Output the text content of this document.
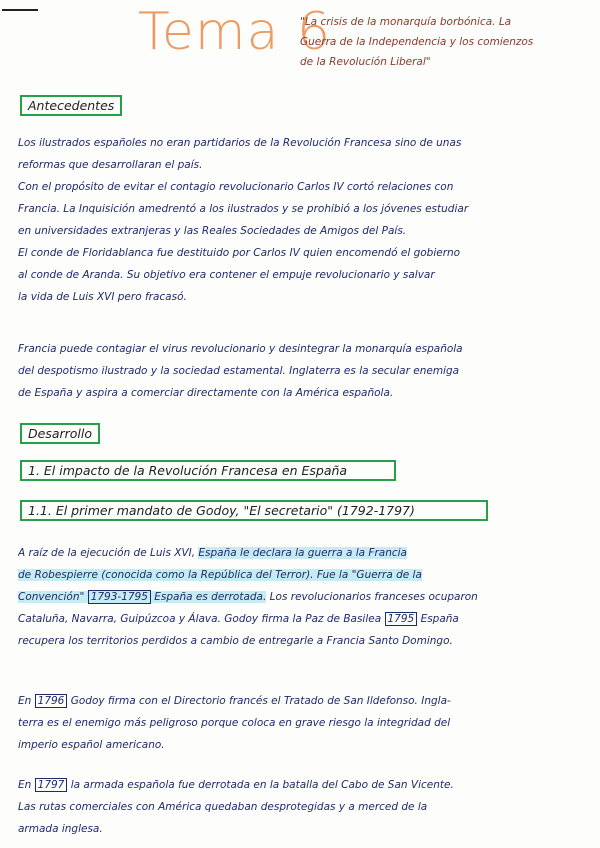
Tema 6
"La crisis de la monarquía borbónica. La
Guerra de la Independencia y los comienzos
de la Revolución Liberal"
Antecedentes
Los ilustrados españoles no eran partidarios de la Revolución Francesa sino de unas
reformas que desarrollaran el país.
Con el propósito de evitar el contagio revolucionario Carlos IV cortó relaciones con
Francia. La Inquisición amedrentó a los ilustrados y se prohibió a los jóvenes estudiar
en universidades extranjeras y las Reales Sociedades de Amigos del País.
El conde de Floridablanca fue destituido por Carlos IV quien encomendó el gobierno
al conde de Aranda. Su objetivo era contener el empuje revolucionario y salvar
la vida de Luis XVI pero fracasó.
Francia puede contagiar el virus revolucionario y desintegrar la monarquía española
del despotismo ilustrado y la sociedad estamental. Inglaterra es la secular enemiga
de España y aspira a comerciar directamente con la América española.
Desarrollo
1. El impacto de la Revolución Francesa en España
1.1. El primer mandato de Godoy, "El secretario" (1792-1797)
A raíz de la ejecución de Luis XVI, España le declara la guerra a la Francia
de Robespierre (conocida como la República del Terror). Fue la "Guerra de la
Convención" 1793-1795 España es derrotada. Los revolucionarios franceses ocuparon
Cataluña, Navarra, Guipúzcoa y Álava. Godoy firma la Paz de Basilea 1795 España
recupera los territorios perdidos a cambio de entregarle a Francia Santo Domingo.
En 1796 Godoy firma con el Directorio francés el Tratado de San Ildefonso. Ingla-
terra es el enemigo más peligroso porque coloca en grave riesgo la integridad del
imperio español americano.
En 1797 la armada española fue derrotada en la batalla del Cabo de San Vicente.
Las rutas comerciales con América quedaban desprotegidas y a merced de la
armada inglesa.
